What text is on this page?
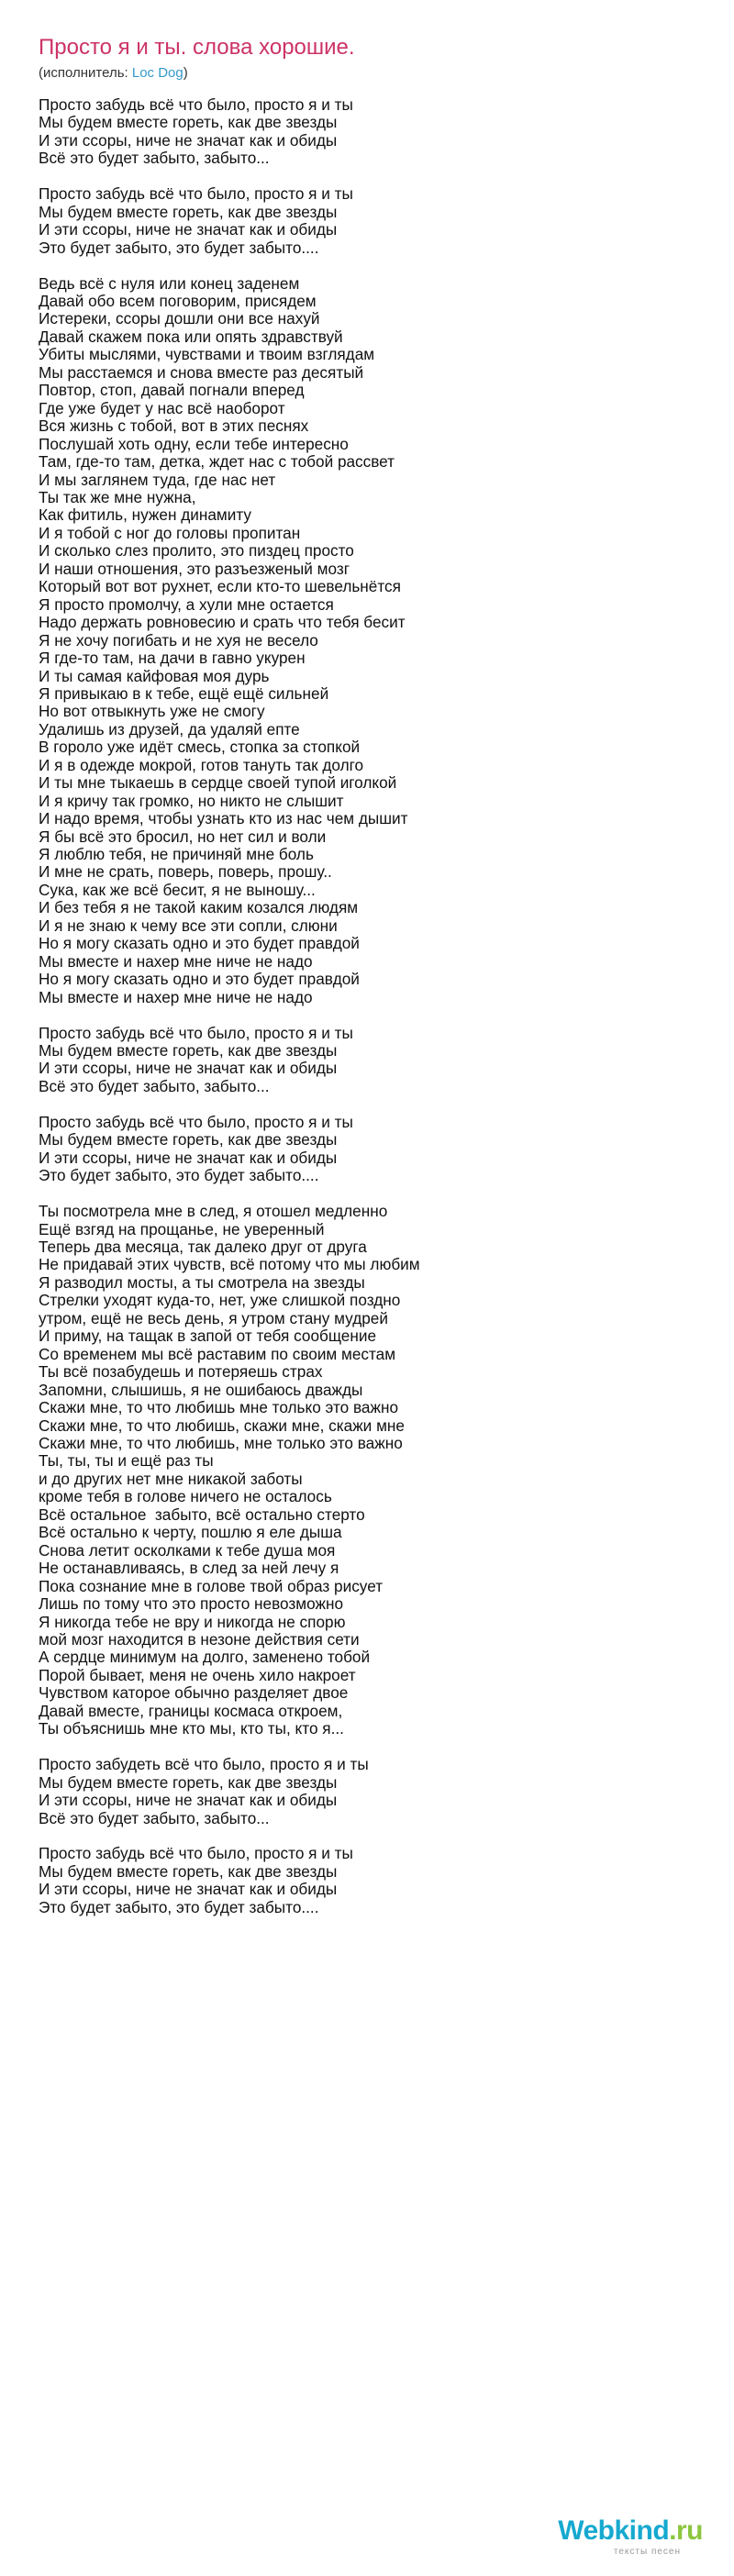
Просто я и ты. слова хорошие.
(исполнитель: Loc Dog)
Просто забудь всё что было, просто я и ты
Мы будем вместе гореть, как две звезды
И эти ссоры, ниче не значат как и обиды
Всё это будет забыто, забыто...

Просто забудь всё что было, просто я и ты
Мы будем вместе гореть, как две звезды
И эти ссоры, ниче не значат как и обиды
Это будет забыто, это будет забыто....

Ведь всё с нуля или конец заденем
Давай обо всем поговорим, присядем
Истереки, ссоры дошли они все нахуй
Давай скажем пока или опять здравствуй
Убиты мыслями, чувствами и твоим взглядам
Мы расстаемся и снова вместе раз десятый
Повтор, стоп, давай погнали вперед
Где уже будет у нас всё наоборот
Вся жизнь с тобой, вот в этих песнях
Послушай хоть одну, если тебе интересно
Там, где-то там, детка, ждет нас с тобой рассвет
И мы заглянем туда, где нас нет
Ты так же мне нужна,
Как фитиль, нужен динамиту
И я тобой с ног до головы пропитан
И сколько слез пролито, это пиздец просто
И наши отношения, это разъезженый мозг
Который вот вот рухнет, если кто-то шевельнётся
Я просто промолчу, а хули мне остается
Надо держать ровновесию и срать что тебя бесит
Я не хочу погибать и не хуя не весело
Я где-то там, на дачи в гавно укурен
И ты самая кайфовая моя дурь
Я привыкаю в к тебе, ещё ещё сильней
Но вот отвыкнуть уже не смогу
Удалишь из друзей, да удаляй епте
В гороло уже идёт смесь, стопка за стопкой
И я в одежде мокрой, готов тануть так долго
И ты мне тыкаешь в сердце своей тупой иголкой
И я кричу так громко, но никто не слышит
И надо время, чтобы узнать кто из нас чем дышит
Я бы всё это бросил, но нет сил и воли
Я люблю тебя, не причиняй мне боль
И мне не срать, поверь, поверь, прошу..
Сука, как же всё бесит, я не выношу...
И без тебя я не такой каким козался людям
И я не знаю к чему все эти сопли, слюни
Но я могу сказать одно и это будет правдой
Мы вместе и нахер мне ниче не надо
Но я могу сказать одно и это будет правдой
Мы вместе и нахер мне ниче не надо

Просто забудь всё что было, просто я и ты
Мы будем вместе гореть, как две звезды
И эти ссоры, ниче не значат как и обиды
Всё это будет забыто, забыто...

Просто забудь всё что было, просто я и ты
Мы будем вместе гореть, как две звезды
И эти ссоры, ниче не значат как и обиды
Это будет забыто, это будет забыто....

Ты посмотрела мне в след, я отошел медленно
Ещё взгяд на прощанье, не уверенный
Теперь два месяца, так далеко друг от друга
Не придавай этих чувств, всё потому что мы любим
Я разводил мосты, а ты смотрела на звезды
Стрелки уходят куда-то, нет, уже слишкой поздно
утром, ещё не весь день, я утром стану мудрей
И приму, на тащак в запой от тебя сообщение
Со временем мы всё раставим по своим местам
Ты всё позабудешь и потеряешь страх
Запомни, слышишь, я не ошибаюсь дважды
Скажи мне, то что любишь мне только это важно
Скажи мне, то что любишь, скажи мне, скажи мне
Скажи мне, то что любишь, мне только это важно
Ты, ты, ты и ещё раз ты
и до других нет мне никакой заботы
кроме тебя в голове ничего не осталось
Всё остальное  забыто, всё остально стерто
Всё остально к черту, пошлю я еле дыша
Снова летит осколками к тебе душа моя
Не останавливаясь, в след за ней лечу я
Пока сознание мне в голове твой образ рисует
Лишь по тому что это просто невозможно
Я никогда тебе не вру и никогда не спорю
мой мозг находится в незоне действия сети
А сердце минимум на долго, заменено тобой
Порой бывает, меня не очень хило накроет
Чувством каторое обычно разделяет двое
Давай вместе, границы космаса откроем,
Ты объяснишь мне кто мы, кто ты, кто я...

Просто забудеть всё что было, просто я и ты
Мы будем вместе гореть, как две звезды
И эти ссоры, ниче не значат как и обиды
Всё это будет забыто, забыто...

Просто забудь всё что было, просто я и ты
Мы будем вместе гореть, как две звезды
И эти ссоры, ниче не значат как и обиды
Это будет забыто, это будет забыто....
Webkind.ru
тексты песен
